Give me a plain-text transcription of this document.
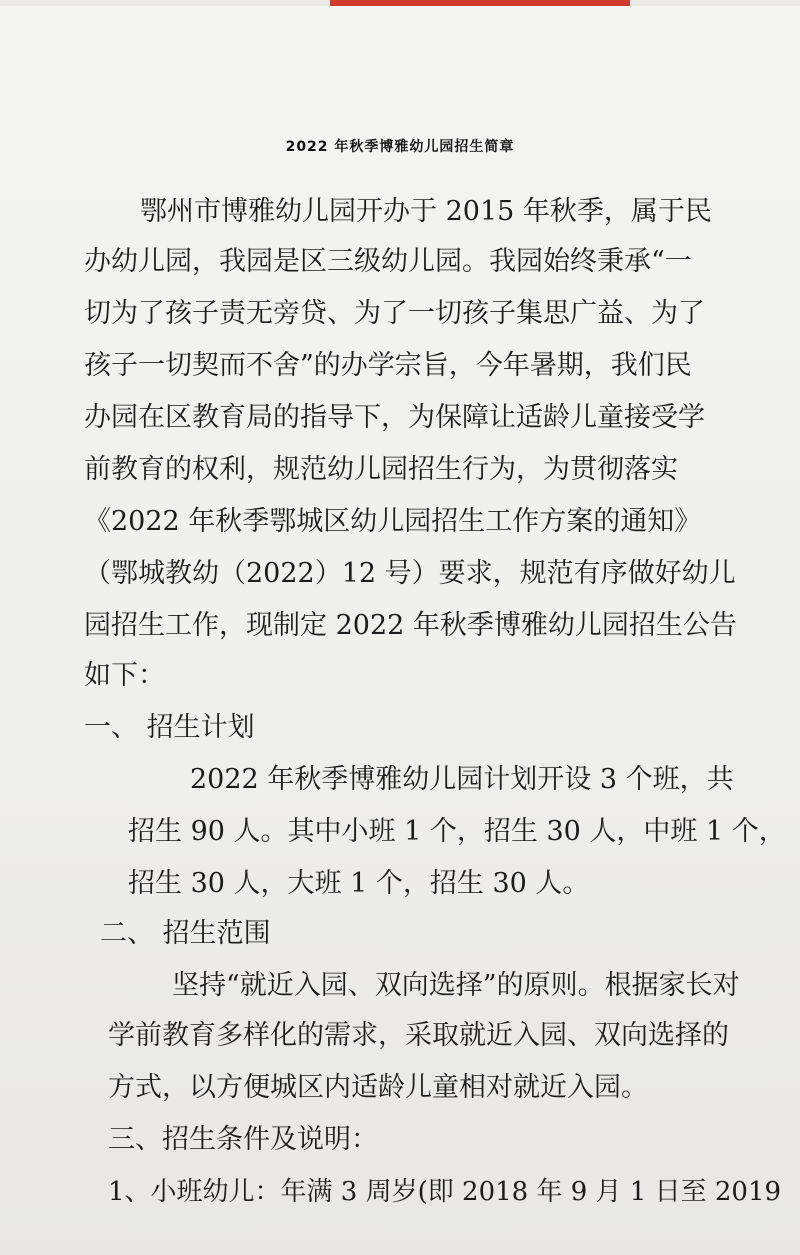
2022 年秋季博雅幼儿园招生简章
鄂州市博雅幼儿园开办于 2015 年秋季，属于民
办幼儿园，我园是区三级幼儿园。我园始终秉承“一
切为了孩子责无旁贷、为了一切孩子集思广益、为了
孩子一切契而不舍”的办学宗旨，今年暑期，我们民
办园在区教育局的指导下，为保障让适龄儿童接受学
前教育的权利，规范幼儿园招生行为，为贯彻落实
《2022 年秋季鄂城区幼儿园招生工作方案的通知》
（鄂城教幼（2022）12 号）要求，规范有序做好幼儿
园招生工作，现制定 2022 年秋季博雅幼儿园招生公告
如下：
一、 招生计划
2022 年秋季博雅幼儿园计划开设 3 个班，共
招生 90 人。其中小班 1 个，招生 30 人，中班 1 个，
招生 30 人，大班 1 个，招生 30 人。
二、 招生范围
坚持“就近入园、双向选择”的原则。根据家长对
学前教育多样化的需求，采取就近入园、双向选择的
方式，以方便城区内适龄儿童相对就近入园。
三、招生条件及说明：
1、小班幼儿：年满 3 周岁(即 2018 年 9 月 1 日至 2019
